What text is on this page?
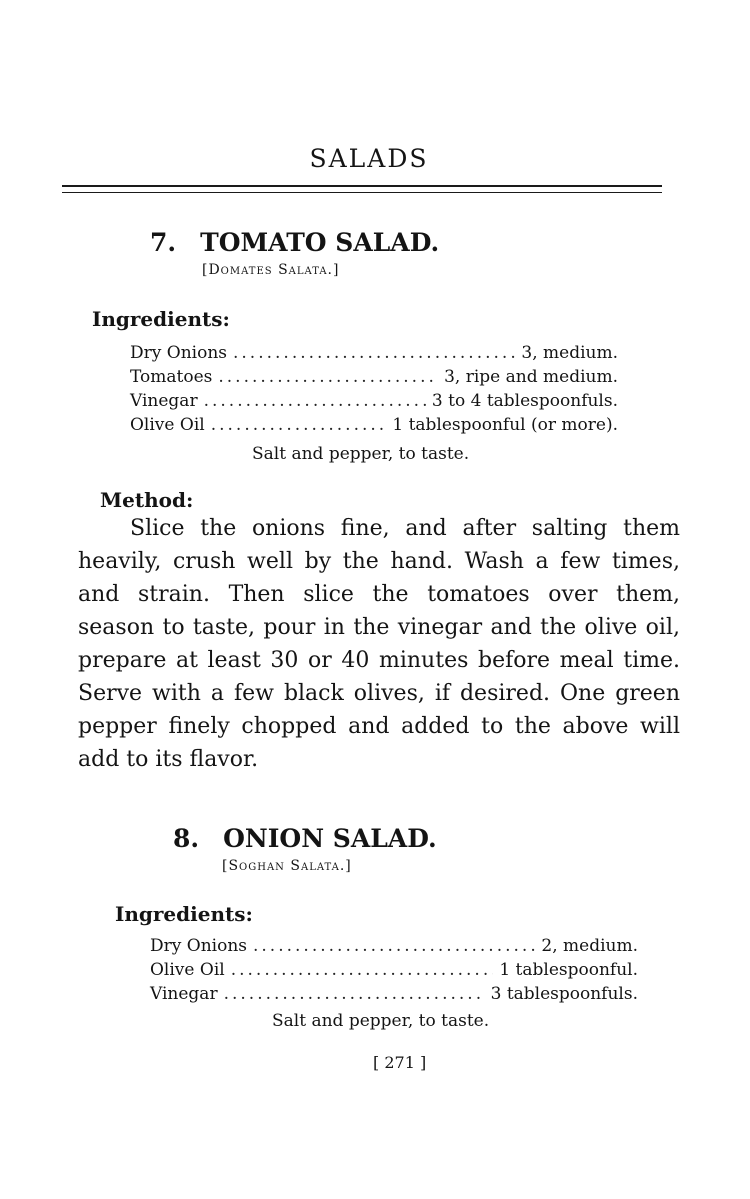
SALADS
7. TOMATO SALAD.
[Domates Salata.]
Ingredients:
Dry Onions .....	3, medium.
Tomatoes .....	3, ripe and medium.
Vinegar .....	3 to 4 tablespoonfuls.
Olive Oil .....	1 tablespoonful (or more).
Salt and pepper, to taste.
Method:
Slice the onions fine, and after salting them heavily, crush well by the hand. Wash a few times, and strain. Then slice the tomatoes over them, season to taste, pour in the vinegar and the olive oil, prepare at least 30 or 40 minutes before meal time. Serve with a few black olives, if desired. One green pepper finely chopped and added to the above will add to its flavor.
8. ONION SALAD.
[Soghan Salata.]
Ingredients:
Dry Onions .....	2, medium.
Olive Oil .....	1 tablespoonful.
Vinegar .....	3 tablespoonfuls.
Salt and pepper, to taste.
[ 271 ]
